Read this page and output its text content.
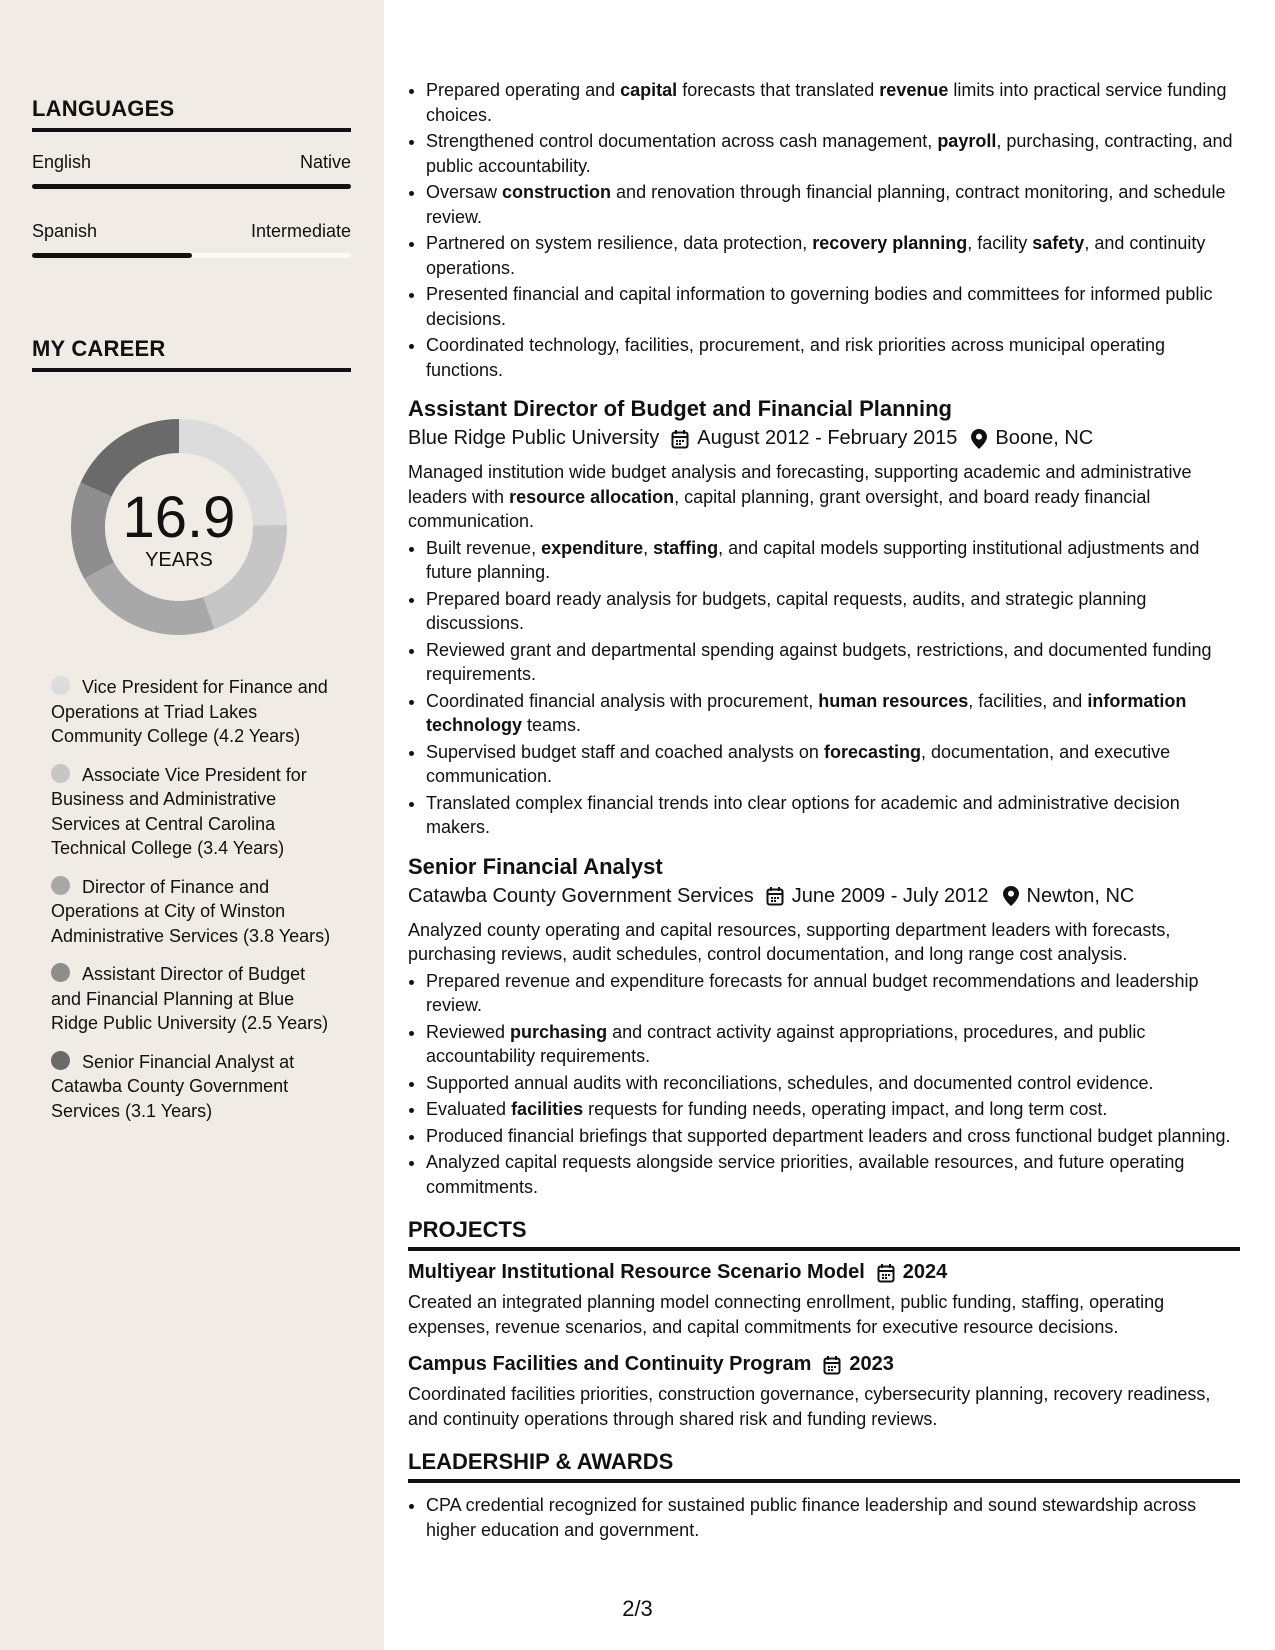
LANGUAGES
English	Native
Spanish	Intermediate
MY CAREER
16.9
YEARS
Vice President for Finance and Operations at Triad Lakes Community College (4.2 Years)
Associate Vice President for Business and Administrative Services at Central Carolina Technical College (3.4 Years)
Director of Finance and Operations at City of Winston Administrative Services (3.8 Years)
Assistant Director of Budget and Financial Planning at Blue Ridge Public University (2.5 Years)
Senior Financial Analyst at Catawba County Government Services (3.1 Years)
• Prepared operating and capital forecasts that translated revenue limits into practical service funding choices.
• Strengthened control documentation across cash management, payroll, purchasing, contracting, and public accountability.
• Oversaw construction and renovation through financial planning, contract monitoring, and schedule review.
• Partnered on system resilience, data protection, recovery planning, facility safety, and continuity operations.
• Presented financial and capital information to governing bodies and committees for informed public decisions.
• Coordinated technology, facilities, procurement, and risk priorities across municipal operating functions.
Assistant Director of Budget and Financial Planning
Blue Ridge Public University August 2012 - February 2015 Boone, NC
Managed institution wide budget analysis and forecasting, supporting academic and administrative leaders with resource allocation, capital planning, grant oversight, and board ready financial communication.
• Built revenue, expenditure, staffing, and capital models supporting institutional adjustments and future planning.
• Prepared board ready analysis for budgets, capital requests, audits, and strategic planning discussions.
• Reviewed grant and departmental spending against budgets, restrictions, and documented funding requirements.
• Coordinated financial analysis with procurement, human resources, facilities, and information technology teams.
• Supervised budget staff and coached analysts on forecasting, documentation, and executive communication.
• Translated complex financial trends into clear options for academic and administrative decision makers.
Senior Financial Analyst
Catawba County Government Services June 2009 - July 2012 Newton, NC
Analyzed county operating and capital resources, supporting department leaders with forecasts, purchasing reviews, audit schedules, control documentation, and long range cost analysis.
• Prepared revenue and expenditure forecasts for annual budget recommendations and leadership review.
• Reviewed purchasing and contract activity against appropriations, procedures, and public accountability requirements.
• Supported annual audits with reconciliations, schedules, and documented control evidence.
• Evaluated facilities requests for funding needs, operating impact, and long term cost.
• Produced financial briefings that supported department leaders and cross functional budget planning.
• Analyzed capital requests alongside service priorities, available resources, and future operating commitments.
PROJECTS
Multiyear Institutional Resource Scenario Model 2024
Created an integrated planning model connecting enrollment, public funding, staffing, operating expenses, revenue scenarios, and capital commitments for executive resource decisions.
Campus Facilities and Continuity Program 2023
Coordinated facilities priorities, construction governance, cybersecurity planning, recovery readiness, and continuity operations through shared risk and funding reviews.
LEADERSHIP & AWARDS
• CPA credential recognized for sustained public finance leadership and sound stewardship across higher education and government.
2/3
